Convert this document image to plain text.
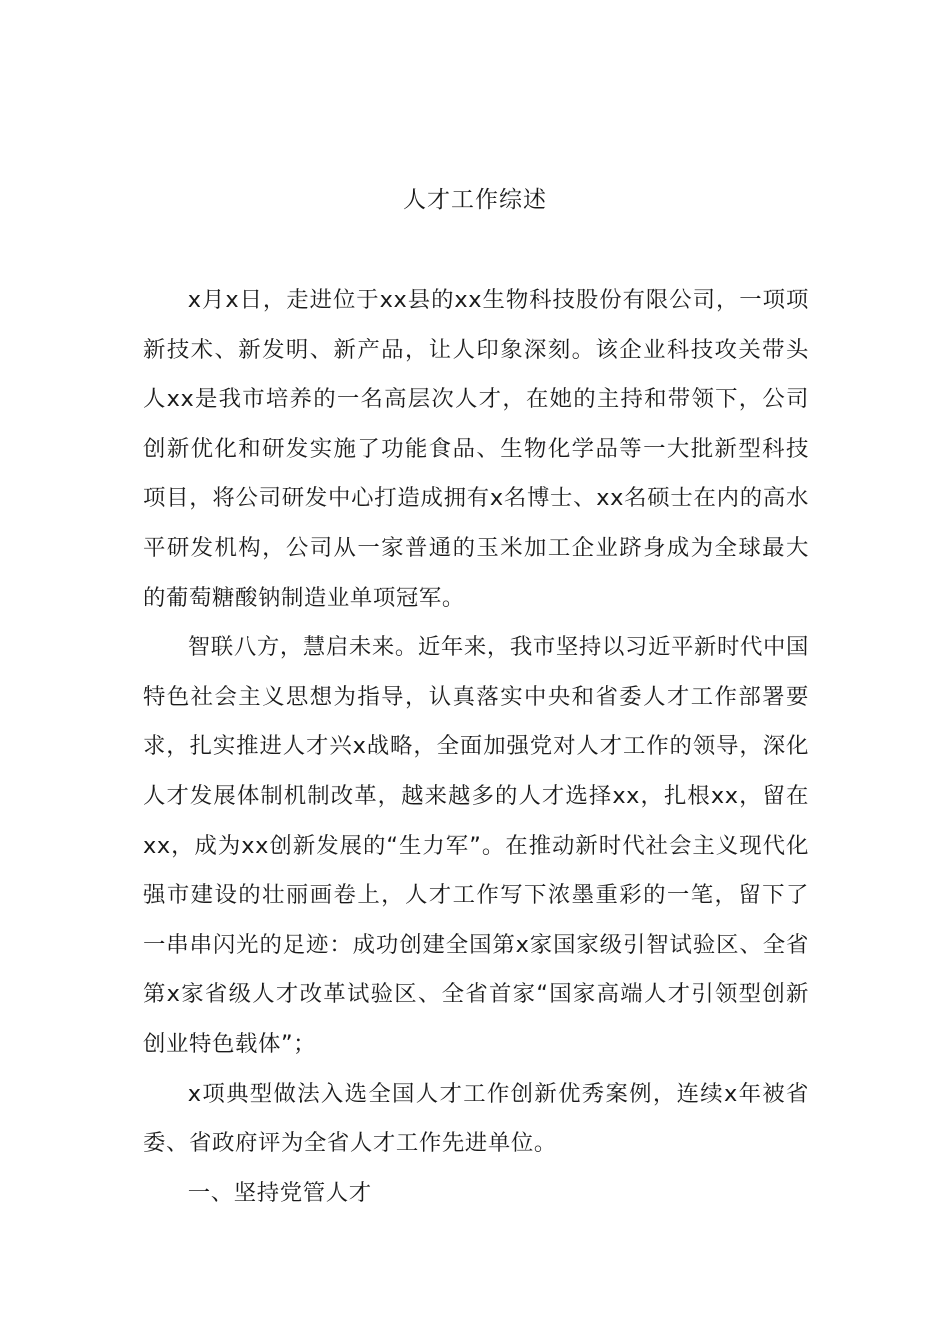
人才工作综述

x月x日，走进位于xx县的xx生物科技股份有限公司，一项项新技术、新发明、新产品，让人印象深刻。该企业科技攻关带头人xx是我市培养的一名高层次人才，在她的主持和带领下，公司创新优化和研发实施了功能食品、生物化学品等一大批新型科技项目，将公司研发中心打造成拥有x名博士、xx名硕士在内的高水平研发机构，公司从一家普通的玉米加工企业跻身成为全球最大的葡萄糖酸钠制造业单项冠军。

智联八方，慧启未来。近年来，我市坚持以习近平新时代中国特色社会主义思想为指导，认真落实中央和省委人才工作部署要求，扎实推进人才兴x战略，全面加强党对人才工作的领导，深化人才发展体制机制改革，越来越多的人才选择xx，扎根xx，留在xx，成为xx创新发展的“生力军”。在推动新时代社会主义现代化强市建设的壮丽画卷上，人才工作写下浓墨重彩的一笔，留下了一串串闪光的足迹：成功创建全国第x家国家级引智试验区、全省第x家省级人才改革试验区、全省首家“国家高端人才引领型创新创业特色载体”；

x项典型做法入选全国人才工作创新优秀案例，连续x年被省委、省政府评为全省人才工作先进单位。

一、坚持党管人才
